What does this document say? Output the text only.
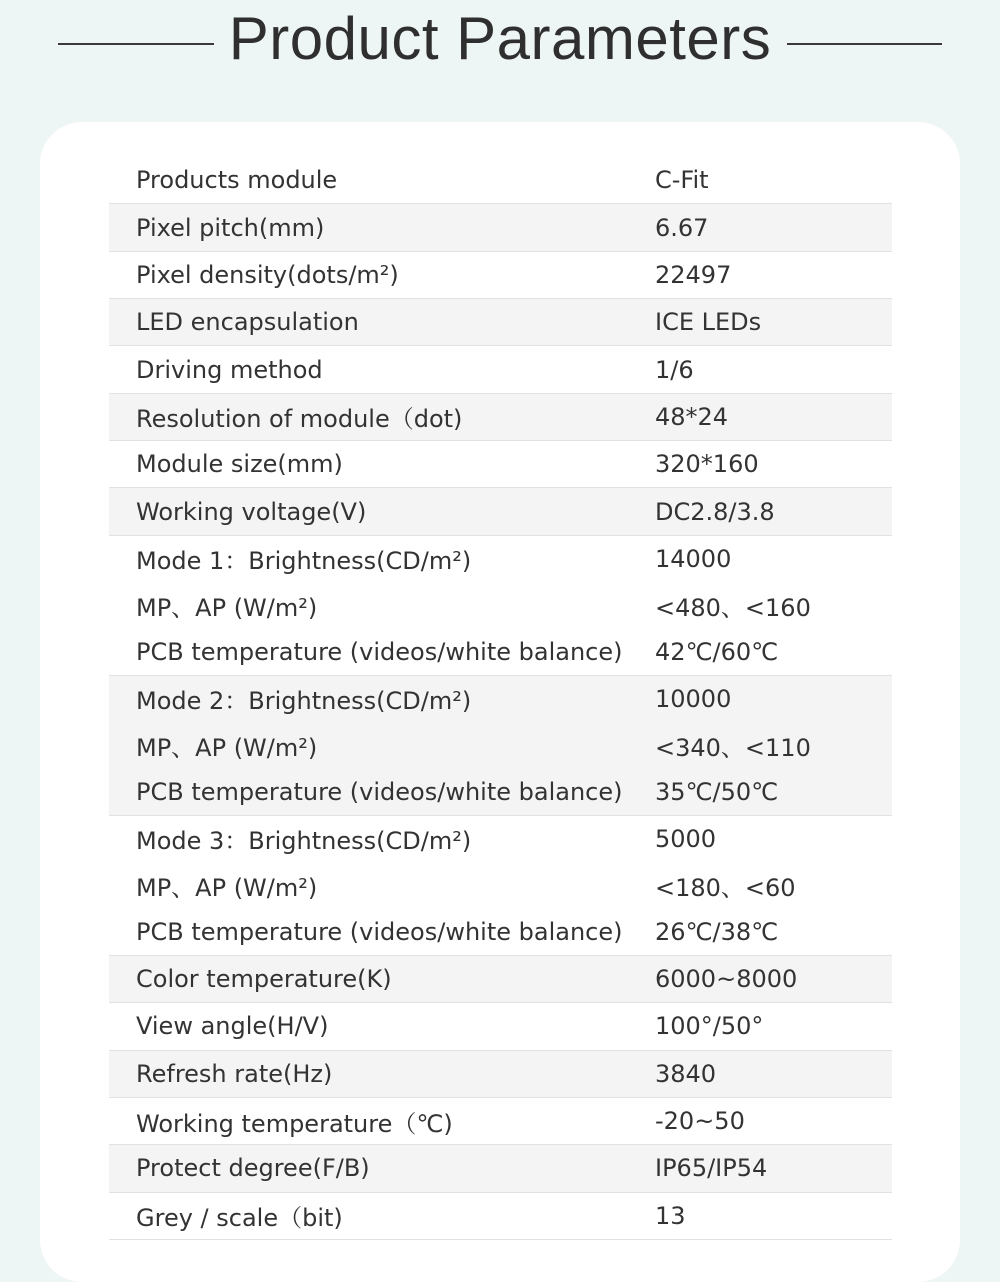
Product Parameters
Products module	C-Fit
Pixel pitch(mm)	6.67
Pixel density(dots/m²)	22497
LED encapsulation	ICE LEDs
Driving method	1/6
Resolution of module（dot)	48*24
Module size(mm)	320*160
Working voltage(V)	DC2.8/3.8
Mode 1：Brightness(CD/m²)	14000
MP、AP (W/m²)	<480、<160
PCB temperature (videos/white balance)	42℃/60℃
Mode 2：Brightness(CD/m²)	10000
MP、AP (W/m²)	<340、<110
PCB temperature (videos/white balance)	35℃/50℃
Mode 3：Brightness(CD/m²)	5000
MP、AP (W/m²)	<180、<60
PCB temperature (videos/white balance)	26℃/38℃
Color temperature(K)	6000~8000
View angle(H/V)	100°/50°
Refresh rate(Hz)	3840
Working temperature（℃)	-20~50
Protect degree(F/B)	IP65/IP54
Grey / scale（bit)	13
